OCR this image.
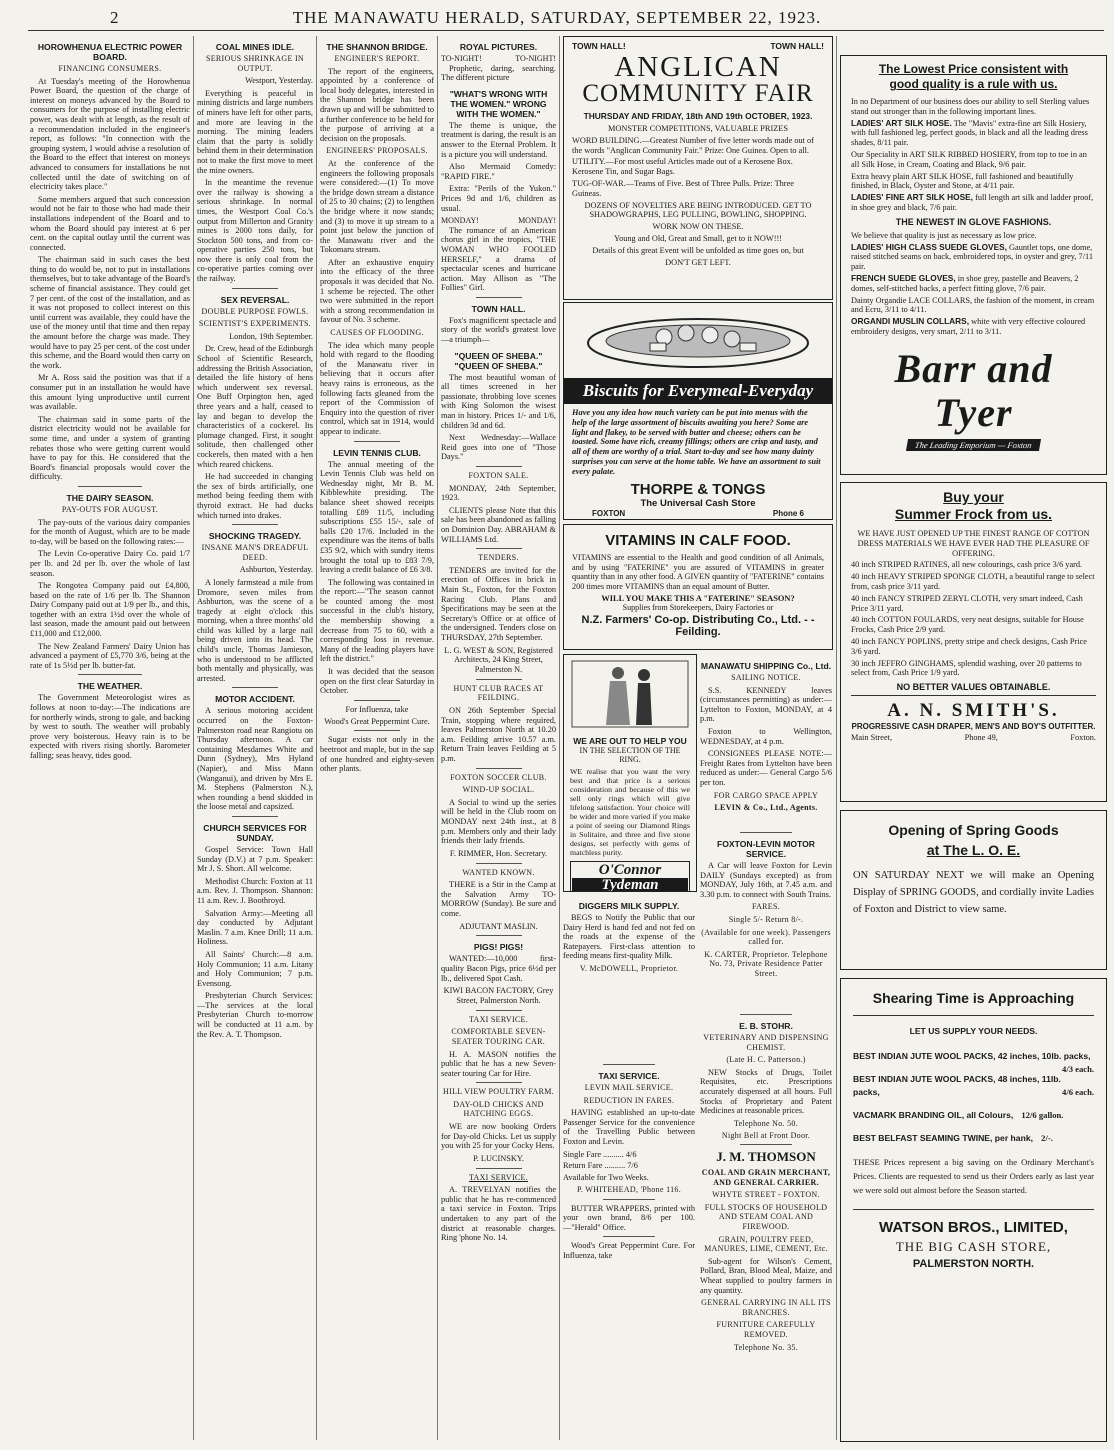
2	THE MANAWATU HERALD, SATURDAY, SEPTEMBER 22, 1923.
HOROWHENUA ELECTRIC POWER BOARD.
FINANCING CONSUMERS.

At Tuesday's meeting of the Horowhenua Power Board, the question of the charge of interest on moneys advanced by the Board to consumers for the purpose of installing electric power, was dealt with at length, as the result of a recommendation included in the engineer's report, as follows: "In connection with the grouping system, I would advise a resolution of the Board to the effect that interest on moneys advanced to consumers for installations be not collected until the date of switching on of electricity takes place."

Some members argued that such concession would not be fair to those who had made their installations independent of the Board and to whom the Board should pay interest at 6 per cent. on the capital outlay until the current was connected.

The chairman said in such cases the best thing to do would be, not to put in installations themselves, but to take advantage of the Board's scheme of financial assistance. They could get 7 per cent. of the cost of the installation, and as it was not proposed to collect interest on this until current was available, they could have the use of the money until that time and then repay the amount before the charge was made. They would have to pay 25 per cent. of the cost under this scheme, and the Board would then carry on the work.

Mr A. Ross said the position was that if a consumer put in an installation he would have this amount lying unproductive until current was available.

The chairman said in some parts of the district electricity would not be available for some time, and under a system of granting rebates those who were getting current would have to pay for this. He considered that the Board's financial proposals would cover the difficulty.

THE DAIRY SEASON.
PAY-OUTS FOR AUGUST.

The pay-outs of the various dairy companies for the month of August, which are to be made to-day, will be based on the following rates:—

The Levin Co-operative Dairy Co. paid 1/7 per lb. and 2d per lb. over the whole of last season.

The Rongotea Company paid out £4,800, based on the rate of 1/6 per lb. The Shannon Dairy Company paid out at 1/9 per lb., and this, together with an extra 1½d over the whole of last season, made the amount paid out between £11,000 and £12,000.

The New Zealand Farmers' Dairy Union has advanced a payment of £5,770 3/6, being at the rate of 1s 5½d per lb. butter-fat.

THE WEATHER.

The Government Meteorologist wires as follows at noon to-day:—The indications are for northerly winds, strong to gale, and backing by west to south. The weather will probably prove very boisterous. Heavy rain is to be expected with rivers rising shortly. Barometer falling; seas heavy, tides good.

COAL MINES IDLE.
SERIOUS SHRINKAGE IN OUTPUT.

Westport, Yesterday.

Everything is peaceful in mining districts and large numbers of miners have left for other parts, and more are leaving in the morning. The mining leaders claim that the party is solidly behind them in their determination not to make the first move to meet the mine owners.

In the meantime the revenue over the railway is showing a serious shrinkage. In normal times, the Westport Coal Co.'s output from Millerton and Granity mines is 2000 tons daily, for Stockton 500 tons, and from co-operative parties 250 tons, but now there is only coal from the co-operative parties coming over the railway.

SEX REVERSAL.
DOUBLE PURPOSE FOWLS.
SCIENTIST'S EXPERIMENTS.

London, 19th September.

Dr. Crew, head of the Edinburgh School of Scientific Research, addressing the British Association, detailed the life history of hens which underwent sex reversal. One Buff Orpington hen, aged three years and a half, ceased to lay and began to develop the characteristics of a cockerel. Its plumage changed. First, it sought solitude, then challenged other cockerels, then mated with a hen which reared chickens.

He had succeeded in changing the sex of birds artificially, one method being feeding them with thyroid extract. He had ducks which turned into drakes.

SHOCKING TRAGEDY.
INSANE MAN'S DREADFUL DEED.

Ashburton, Yesterday.

A lonely farmstead a mile from Dromore, seven miles from Ashburton, was the scene of a tragedy at eight o'clock this morning, when a three months' old child was killed by a large nail being driven into its head. The child's uncle, Thomas Jamieson, who is understood to be afflicted both mentally and physically, was arrested.

MOTOR ACCIDENT.

A serious motoring accident occurred on the Foxton-Palmerston road near Rangiotu on Thursday afternoon. A car containing Mesdames White and Dunn (Sydney), Mrs Hyland (Napier), and Miss Mann (Wanganui), and driven by Mrs E. M. Stephens (Palmerston N.), when rounding a bend skidded in the loose metal and capsized.

CHURCH SERVICES FOR SUNDAY.

Gospel Service: Town Hall Sunday (D.V.) at 7 p.m. Speaker: Mr J. S. Short. All welcome.

Methodist Church: Foxton at 11 a.m. Rev. J. Thompson. Shannon: 11 a.m. Rev. J. Boothroyd.

Salvation Army:—Meeting all day conducted by Adjutant Maslin. 7 a.m. Knee Drill; 11 a.m. Holiness.

All Saints' Church:—8 a.m. Holy Communion; 11 a.m. Litany and Holy Communion; 7 p.m. Evensong.

Presbyterian Church Services:—The services at the local Presbyterian Church to-morrow will be conducted at 11 a.m. by the Rev. A. T. Thompson.

THE SHANNON BRIDGE.
ENGINEER'S REPORT.

The report of the engineers, appointed by a conference of local body delegates, interested in the Shannon bridge has been drawn up and will be submitted to a further conference to be held for the purpose of arriving at a decision on the proposals.

ENGINEERS' PROPOSALS.

At the conference of the engineers the following proposals were considered:—(1) To move the bridge down stream a distance of 25 to 30 chains; (2) to lengthen the bridge where it now stands; and (3) to move it up stream to a point just below the junction of the Manawatu river and the Tokomaru stream.

After an exhaustive enquiry into the efficacy of the three proposals it was decided that No. 1 scheme be rejected. The other two were submitted in the report with a strong recommendation in favour of No. 3 scheme.

CAUSES OF FLOODING.

The idea which many people hold with regard to the flooding of the Manawatu river in believing that it occurs after heavy rains is erroneous, as the following facts gleaned from the report of the Commission of Enquiry into the question of river control, which sat in 1914, would appear to indicate.

LEVIN TENNIS CLUB.

The annual meeting of the Levin Tennis Club was held on Wednesday night, Mr B. M. Kibblewhite presiding. The balance sheet showed receipts totalling £89 11/5, including subscriptions £55 15/-, sale of balls £20 17/6. Included in the expenditure was the items of balls £35 9/2, which with sundry items brought the total up to £83 7/9, leaving a credit balance of £6 3/8.

The following was contained in the report:—"The season cannot be counted among the most successful in the club's history, the membership showing a decrease from 75 to 60, with a corresponding loss in revenue. Many of the leading players have left the district."

It was decided that the season open on the first clear Saturday in October.

For Influenza, take
Wood's Great Peppermint Cure.

Sugar exists not only in the beetroot and maple, but in the sap of one hundred and eighty-seven other plants.

ROYAL PICTURES.
TO-NIGHT!	TO-NIGHT!

Prophetic, daring, searching. The different picture

"WHAT'S WRONG WITH THE WOMEN." WRONG WITH THE WOMEN."

The theme is unique, the treatment is daring, the result is an answer to the Eternal Problem. It is a picture you will understand.

Also Mermaid Comedy: "RAPID FIRE."

Extra: "Perils of the Yukon." Prices 9d and 1/6, children as usual.

MONDAY!	MONDAY!

The romance of an American chorus girl in the tropics, "THE WOMAN WHO FOOLED HERSELF," a drama of spectacular scenes and hurricane action. May Allison as "The Follies" Girl.

TOWN HALL.

Fox's magnificent spectacle and story of the world's greatest love—a triumph—

"QUEEN OF SHEBA." "QUEEN OF SHEBA."

The most beautiful woman of all times screened in her passionate, throbbing love scenes with King Solomon the wisest man in history. Prices 1/- and 1/6, children 3d and 6d.

Next Wednesday:—Wallace Reid goes into one of "Those Days."

FOXTON SALE.

MONDAY, 24th September, 1923.

CLIENTS please Note that this sale has been abandoned as falling on Dominion Day. ABRAHAM & WILLIAMS Ltd.

TENDERS.

TENDERS are invited for the erection of Offices in brick in Main St., Foxton, for the Foxton Racing Club. Plans and Specifications may be seen at the Secretary's Office or at office of the undersigned. Tenders close on THURSDAY, 27th September.

L. G. WEST & SON, Registered Architects, 24 King Street, Palmerston N.
HUNT CLUB RACES AT FEILDING.

ON 26th September Special Train, stopping where required, leaves Palmerston North at 10.20 a.m. Feilding arrive 10.57 a.m. Return Train leaves Feilding at 5 p.m.

FOXTON SOCCER CLUB.
WIND-UP SOCIAL.

A Social to wind up the series will be held in the Club room on MONDAY next 24th inst., at 8 p.m. Members only and their lady friends their lady friends.

F. RIMMER, Hon. Secretary.
WANTED KNOWN.

THERE is a Stir in the Camp at the Salvation Army TO-MORROW (Sunday). Be sure and come.

ADJUTANT MASLIN.
PIGS! PIGS!

WANTED:—10,000 first-quality Bacon Pigs, price 6½d per lb., delivered Spot Cash.

KIWI BACON FACTORY, Grey Street, Palmerston North.
TAXI SERVICE.
COMFORTABLE SEVEN-SEATER TOURING CAR.

H. A. MASON notifies the public that he has a new Seven-seater touring Car for Hire.

HILL VIEW POULTRY FARM.
DAY-OLD CHICKS AND HATCHING EGGS.

WE are now booking Orders for Day-old Chicks. Let us supply you with 25 for your Cocky Hens.

P. LUCINSKY.
TAXI SERVICE.

A. TREVELYAN notifies the public that he has re-commenced a taxi service in Foxton. Trips undertaken to any part of the district at reasonable charges. Ring 'phone No. 14.

TOWN HALL!	TOWN HALL!
ANGLICAN
COMMUNITY FAIR
THURSDAY AND FRIDAY, 18th AND 19th OCTOBER, 1923.
MONSTER COMPETITIONS, VALUABLE PRIZES
WORD BUILDING.—Greatest Number of five letter words made out of the words "Anglican Community Fair." Prize: One Guinea. Open to all.
UTILITY.—For most useful Articles made out of a Kerosene Box. Kerosene Tin, and Sugar Bags.
TUG-OF-WAR.—Teams of Five. Best of Three Pulls. Prize: Three Guineas.
DOZENS OF NOVELTIES ARE BEING INTRODUCED. GET TO SHADOWGRAPHS, LEG PULLING, BOWLING, SHOPPING.
WORK NOW ON THESE.
Young and Old, Great and Small, get to it NOW!!!
Details of this great Event will be unfolded as time goes on, but
DON'T GET LEFT.
Biscuits for Everymeal-Everyday
Have you any idea how much variety can be put into menus with the help of the large assortment of biscuits awaiting you here? Some are light and flakey, to be served with butter and cheese; others can be toasted. Some have rich, creamy fillings; others are crisp and tasty, and all of them are worthy of a trial. Start to-day and see how many dainty surprises you can serve at the home table. We have an assortment to suit every palate.
THORPE & TONGS
The Universal Cash Store
FOXTON	Phone 6
VITAMINS IN CALF FOOD.
VITAMINS are essential to the Health and good condition of all Animals, and by using "FATERINE" you are assured of VITAMINS in greater quantity than in any other food. A GIVEN quantity of "FATERINE" contains 200 times more VITAMINS than an equal amount of Butter.
WILL YOU MAKE THIS A "FATERINE" SEASON?
Supplies from Storekeepers, Dairy Factories or
N.Z. Farmers' Co-op. Distributing Co., Ltd. - - Feilding.
WE ARE OUT TO HELP YOU
IN THE SELECTION OF THE RING.
WE realise that you want the very best and that price is a serious consideration and because of this we sell only rings which will give lifelong satisfaction. Your choice will be wider and more varied if you make a point of seeing our Diamond Rings in Solitaire, and three and five stone designs, set perfectly with gems of matchless purity.
O'Connor
Tydeman
MANAWATU SHIPPING Co., Ltd.
SAILING NOTICE.

S.S. KENNEDY leaves (circumstances permitting) as under:— Lyttelton to Foxton, MONDAY, at 4 p.m.

Foxton to Wellington, WEDNESDAY, at 4 p.m.

CONSIGNEES PLEASE NOTE:— Freight Rates from Lyttelton have been reduced as under:— General Cargo 5/6 per ton.

FOR CARGO SPACE APPLY
LEVIN & Co., Ltd., Agents.
FOXTON-LEVIN MOTOR SERVICE.

A Car will leave Foxton for Levin DAILY (Sundays excepted) as from MONDAY, July 16th, at 7.45 a.m. and 3.30 p.m. to connect with South Trains.

FARES.
Single 5/- Return 8/-.
(Available for one week). Passengers called for.
K. CARTER, Proprietor. Telephone No. 73, Private Residence Patter Street.
DIGGERS MILK SUPPLY.

BEGS to Notify the Public that our Dairy Herd is hand fed and not fed on the roads at the expense of the Ratepayers. First-class attention to feeding means first-quality Milk.

V. McDOWELL, Proprietor.
TAXI SERVICE.
LEVIN MAIL SERVICE.
REDUCTION IN FARES.

HAVING established an up-to-date Passenger Service for the convenience of the Travelling Public between Foxton and Levin.

Single Fare .......... 4/6
Return Fare .......... 7/6
Available for Two Weeks.
P. WHITEHEAD, 'Phone 116.

BUTTER WRAPPERS, printed with your own brand, 8/6 per 100.—"Herald" Office.

Wood's Great Peppermint Cure. For Influenza, take

E. B. STOHR.
VETERINARY AND DISPENSING CHEMIST.
(Late H. C. Patterson.)

NEW Stocks of Drugs, Toilet Requisites, etc. Prescriptions accurately dispensed at all hours. Full Stocks of Proprietary and Patent Medicines at reasonable prices.

Telephone No. 50.
Night Bell at Front Door.
J. M. THOMSON
COAL AND GRAIN MERCHANT, AND GENERAL CARRIER.
WHYTE STREET - FOXTON.
FULL STOCKS OF HOUSEHOLD AND STEAM COAL AND FIREWOOD.
GRAIN, POULTRY FEED, MANURES, LIME, CEMENT, Etc.

Sub-agent for Wilson's Cement, Pollard, Bran, Blood Meal, Maize, and Wheat supplied to poultry farmers in any quantity.

GENERAL CARRYING IN ALL ITS BRANCHES.
FURNITURE CAREFULLY REMOVED.
Telephone No. 35.
The Lowest Price consistent with
good quality is a rule with us.
In no Department of our business does our ability to sell Sterling values stand out stronger than in the following important lines.
LADIES' ART SILK HOSE. The "Mavis" extra-fine art Silk Hosiery, with full fashioned leg, perfect goods, in black and all the leading dress shades, 8/11 pair.
Our Speciality in ART SILK RIBBED HOSIERY, from top to toe in an all Silk Hose, in Cream, Coating and Black, 9/6 pair.
Extra heavy plain ART SILK HOSE, full fashioned and beautifully finished, in Black, Oyster and Stone, at 4/11 pair.
LADIES' FINE ART SILK HOSE, full length art silk and ladder proof, in shoe grey and black, 7/6 pair.
THE NEWEST IN GLOVE FASHIONS.
We believe that quality is just as necessary as low price.
LADIES' HIGH CLASS SUEDE GLOVES, Gauntlet tops, one dome, raised stitched seams on back, embroidered tops, in oyster and grey, 7/11 pair.
FRENCH SUEDE GLOVES, in shoe grey, pastelle and Beavers, 2 domes, self-stitched backs, a perfect fitting glove, 7/6 pair.
Dainty Organdie LACE COLLARS, the fashion of the moment, in cream and Ecru, 3/11 to 4/11.
ORGANDI MUSLIN COLLARS, white with very effective coloured embroidery designs, very smart, 2/11 to 3/11.
Barr and Tyer
The Leading Emporium — Foxton
Buy your
Summer Frock from us.
WE HAVE JUST OPENED UP THE FINEST RANGE OF COTTON DRESS MATERIALS WE HAVE EVER HAD THE PLEASURE OF OFFERING.
40 inch STRIPED RATINES, all new colourings, cash price 3/6 yard.
40 inch HEAVY STRIPED SPONGE CLOTH, a beautiful range to select from, cash price 3/11 yard.
40 inch FANCY STRIPED ZERYL CLOTH, very smart indeed, Cash Price 3/11 yard.
40 inch COTTON FOULARDS, very neat designs, suitable for House Frocks, Cash Price 2/9 yard.
40 inch FANCY POPLINS, pretty stripe and check designs, Cash Price 3/6 yard.
30 inch JEFFRO GINGHAMS, splendid washing, over 20 patterns to select from, Cash Price 1/9 yard.
NO BETTER VALUES OBTAINABLE.
A. N. SMITH'S.
PROGRESSIVE CASH DRAPER, MEN'S AND BOY'S OUTFITTER.
Main Street,	Phone 49,	Foxton.
Opening of Spring Goods
at The L. O. E.
ON SATURDAY NEXT we will make an Opening Display of SPRING GOODS, and cordially invite Ladies of Foxton and District to view same.
Shearing Time is Approaching
LET US SUPPLY YOUR NEEDS.
BEST INDIAN JUTE WOOL PACKS, 42 inches, 10lb. packs,
4/3 each.
BEST INDIAN JUTE WOOL PACKS, 48 inches, 11lb. packs,	4/6 each.
VACMARK BRANDING OIL, all Colours, 12/6 gallon.
BEST BELFAST SEAMING TWINE, per hank, 2/-.
THESE Prices represent a big saving on the Ordinary Merchant's Prices. Clients are requested to send us their Orders early as last year we were sold out almost before the Season started.
WATSON BROS., LIMITED,
THE BIG CASH STORE,
PALMERSTON NORTH.
